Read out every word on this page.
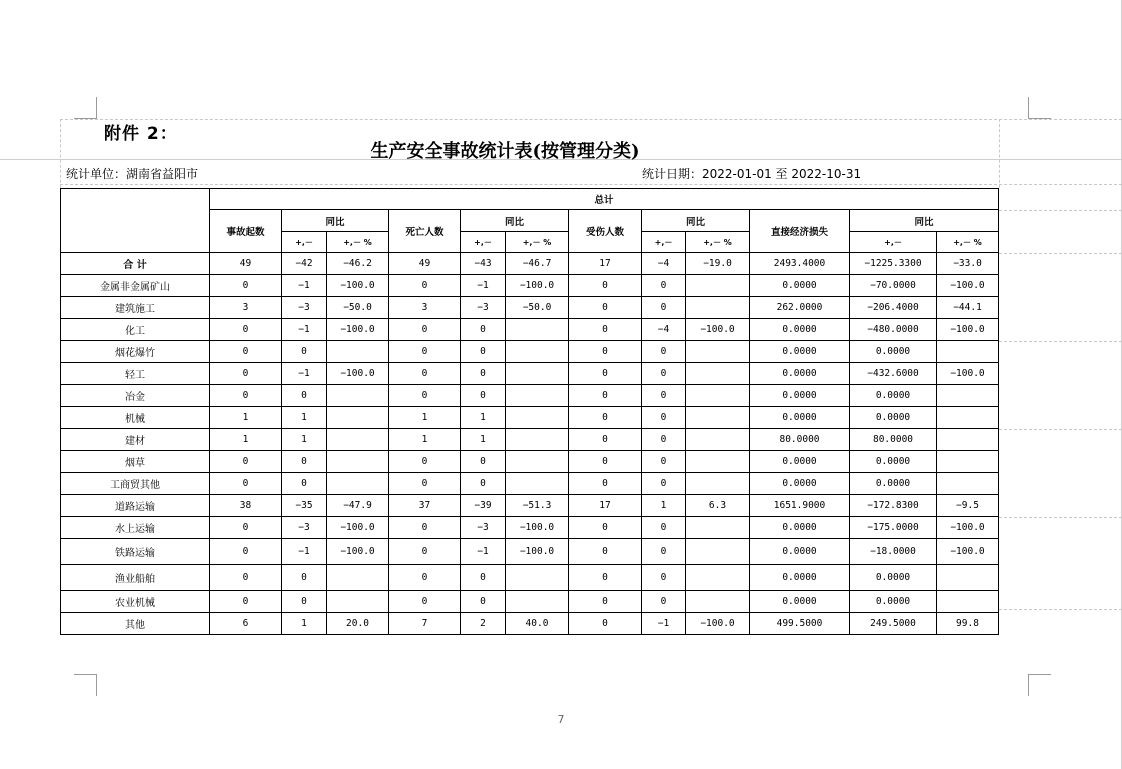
附件 2：
生产安全事故统计表(按管理分类)
统计单位：湖南省益阳市	统计日期：2022-01-01 至 2022-10-31
	总计											
	事故起数	同比		死亡人数	同比		受伤人数	同比		直接经济损失	同比	
		+,－	+,－ %		+,－	+,－ %		+,－	+,－ %		+,－	+,－ %
合 计	49	−42	−46.2	49	−43	−46.7	17	−4	−19.0	2493.4000	−1225.3300	−33.0
金属非金属矿山	0	−1	−100.0	0	−1	−100.0	0	0		0.0000	−70.0000	−100.0
建筑施工	3	−3	−50.0	3	−3	−50.0	0	0		262.0000	−206.4000	−44.1
化工	0	−1	−100.0	0	0		0	−4	−100.0	0.0000	−480.0000	−100.0
烟花爆竹	0	0		0	0		0	0		0.0000	0.0000	
轻工	0	−1	−100.0	0	0		0	0		0.0000	−432.6000	−100.0
冶金	0	0		0	0		0	0		0.0000	0.0000	
机械	1	1		1	1		0	0		0.0000	0.0000	
建材	1	1		1	1		0	0		80.0000	80.0000	
烟草	0	0		0	0		0	0		0.0000	0.0000	
工商贸其他	0	0		0	0		0	0		0.0000	0.0000	
道路运输	38	−35	−47.9	37	−39	−51.3	17	1	6.3	1651.9000	−172.8300	−9.5
水上运输	0	−3	−100.0	0	−3	−100.0	0	0		0.0000	−175.0000	−100.0
铁路运输	0	−1	−100.0	0	−1	−100.0	0	0		0.0000	−18.0000	−100.0
渔业船舶	0	0		0	0		0	0		0.0000	0.0000	
农业机械	0	0		0	0		0	0		0.0000	0.0000	
其他	6	1	20.0	7	2	40.0	0	−1	−100.0	499.5000	249.5000	99.8
7
